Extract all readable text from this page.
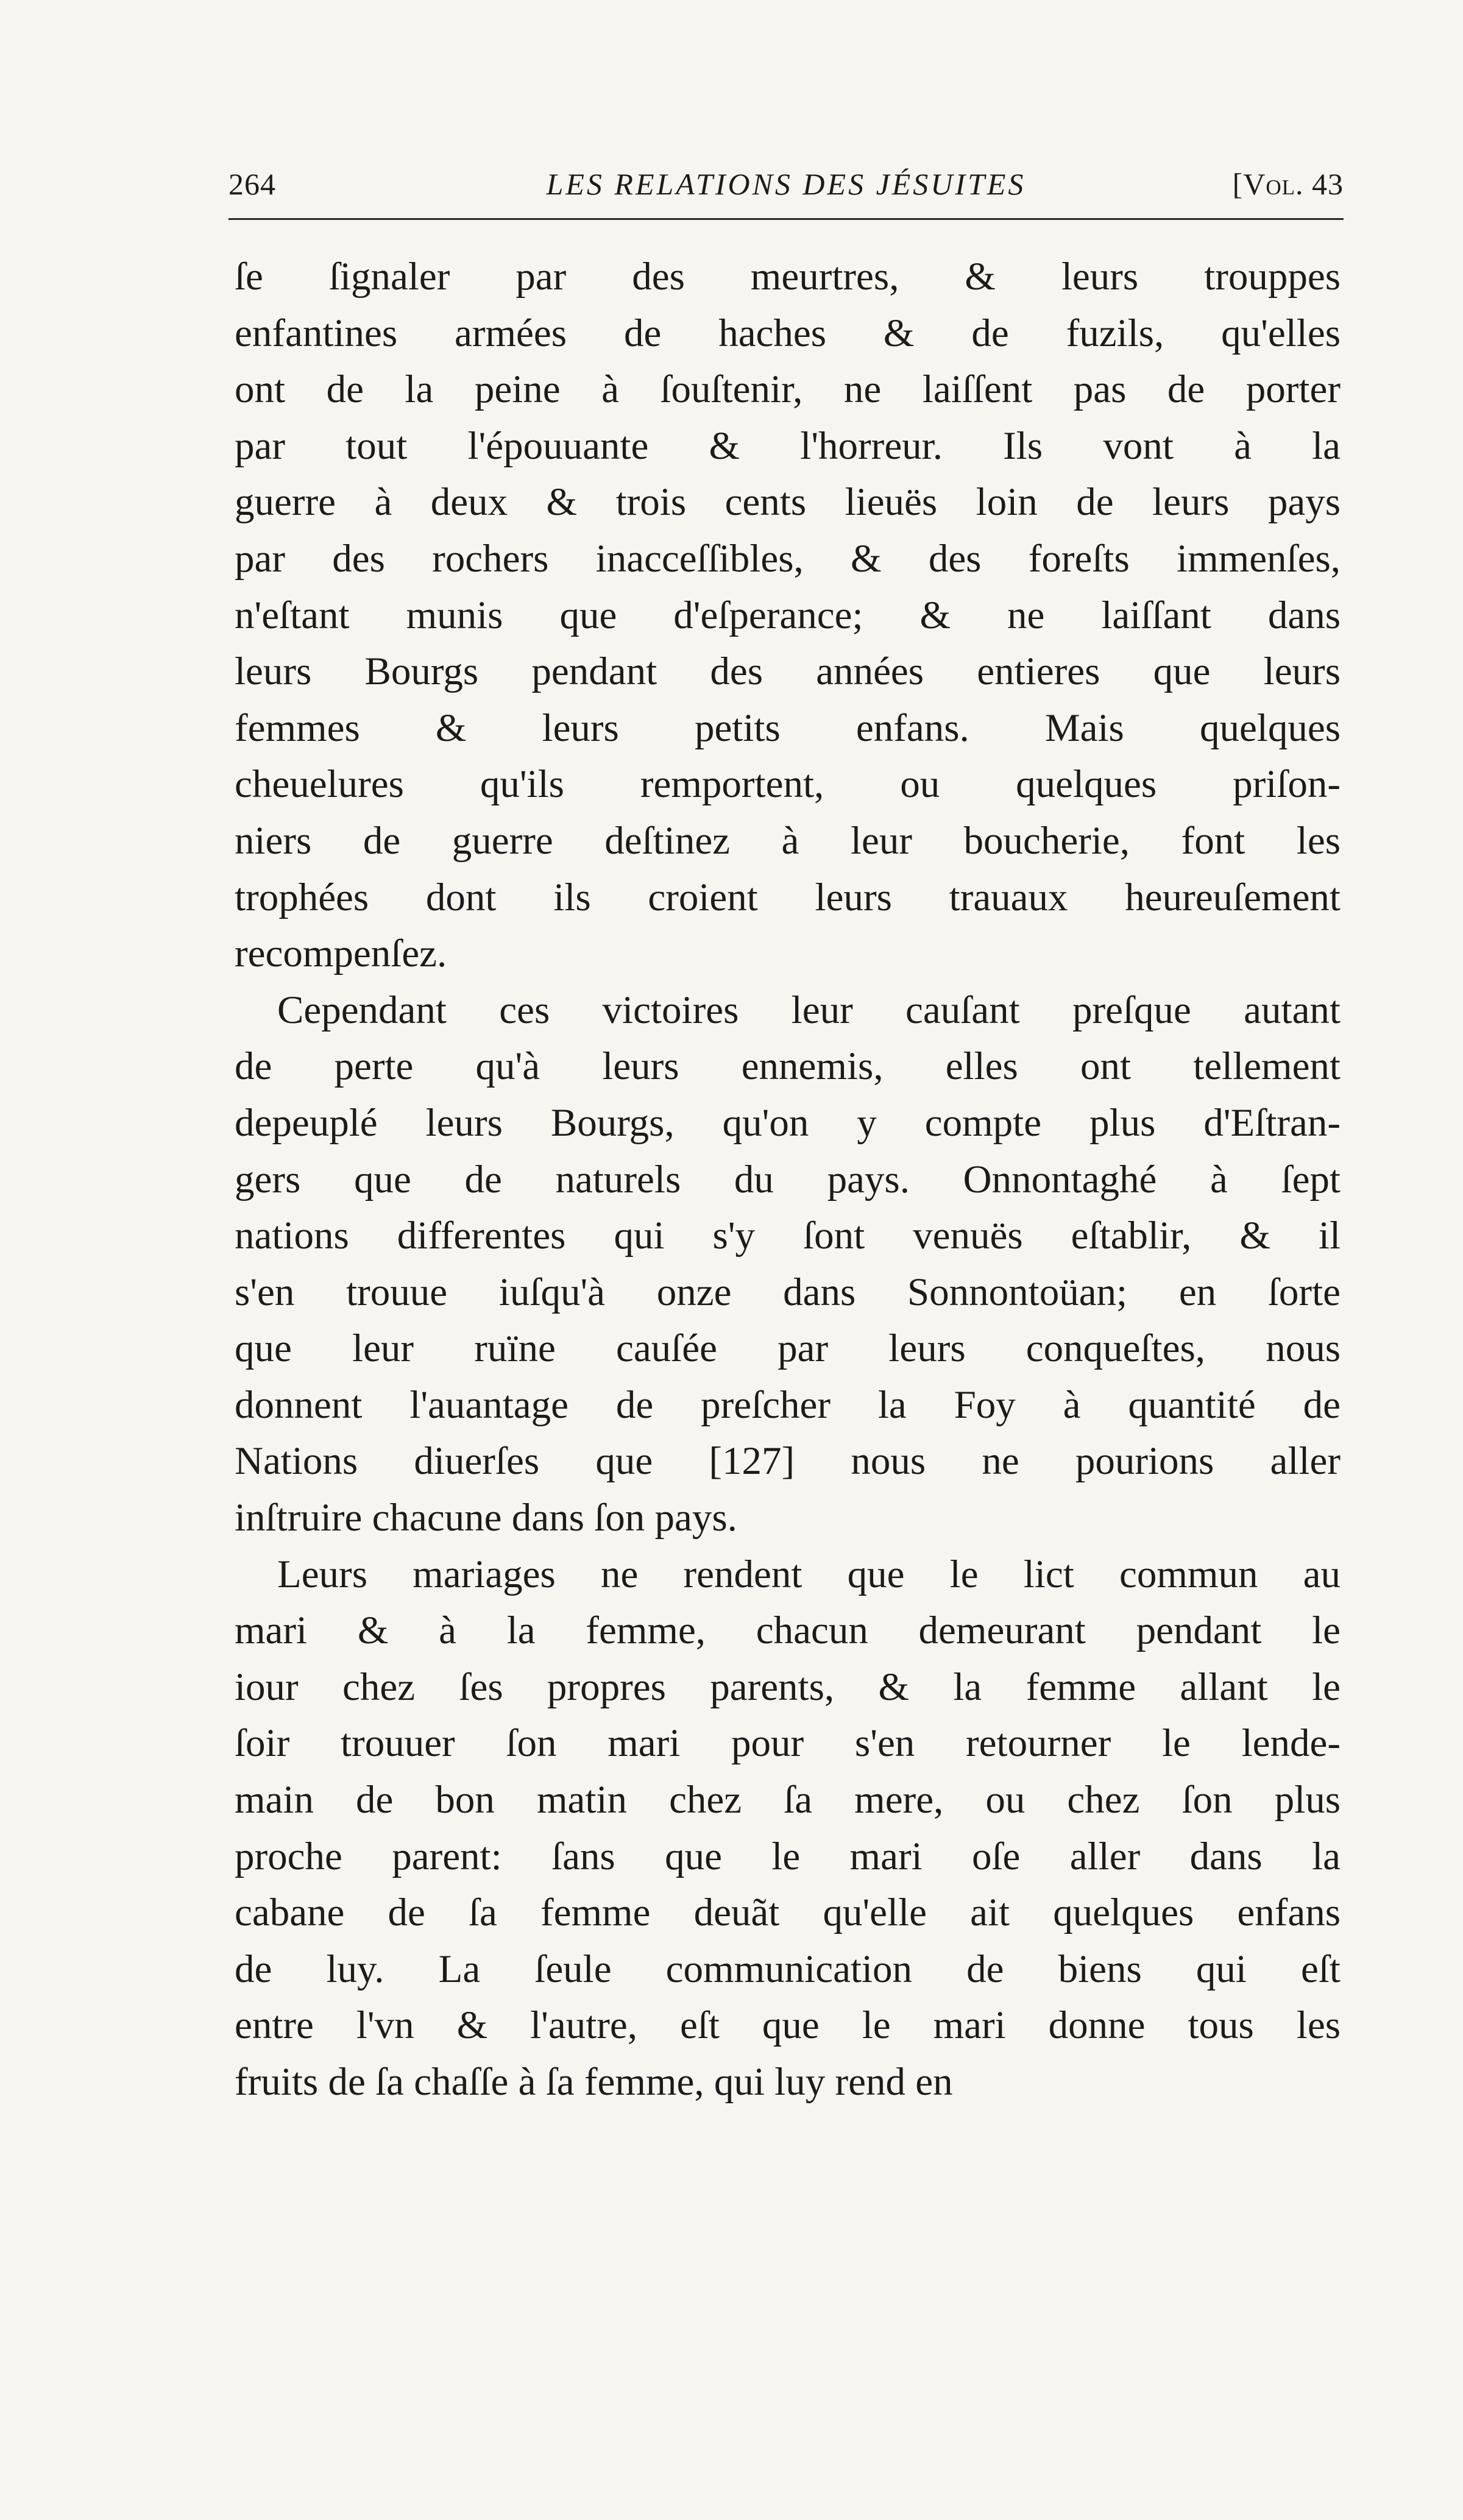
264	LES RELATIONS DES JÉSUITES	[Vol. 43
ſe ſignaler par des meurtres, & leurs trouppes
enfantines armées de haches & de fuzils, qu'elles
ont de la peine à ſouſtenir, ne laiſſent pas de porter
par tout l'épouuante & l'horreur. Ils vont à la
guerre à deux & trois cents lieuës loin de leurs pays
par des rochers inacceſſibles, & des foreſts immenſes,
n'eſtant munis que d'eſperance; & ne laiſſant dans
leurs Bourgs pendant des années entieres que leurs
femmes & leurs petits enfans. Mais quelques
cheuelures qu'ils remportent, ou quelques priſon-
niers de guerre deſtinez à leur boucherie, font les
trophées dont ils croient leurs trauaux heureuſement
recompenſez.
Cependant ces victoires leur cauſant preſque autant
de perte qu'à leurs ennemis, elles ont tellement
depeuplé leurs Bourgs, qu'on y compte plus d'Eſtran-
gers que de naturels du pays. Onnontaghé à ſept
nations differentes qui s'y ſont venuës eſtablir, & il
s'en trouue iuſqu'à onze dans Sonnontoüan; en ſorte
que leur ruïne cauſée par leurs conqueſtes, nous
donnent l'auantage de preſcher la Foy à quantité de
Nations diuerſes que [127] nous ne pourions aller
inſtruire chacune dans ſon pays.
Leurs mariages ne rendent que le lict commun au
mari & à la femme, chacun demeurant pendant le
iour chez ſes propres parents, & la femme allant le
ſoir trouuer ſon mari pour s'en retourner le lende-
main de bon matin chez ſa mere, ou chez ſon plus
proche parent: ſans que le mari oſe aller dans la
cabane de ſa femme deuãt qu'elle ait quelques enfans
de luy. La ſeule communication de biens qui eſt
entre l'vn & l'autre, eſt que le mari donne tous les
fruits de ſa chaſſe à ſa femme, qui luy rend en
